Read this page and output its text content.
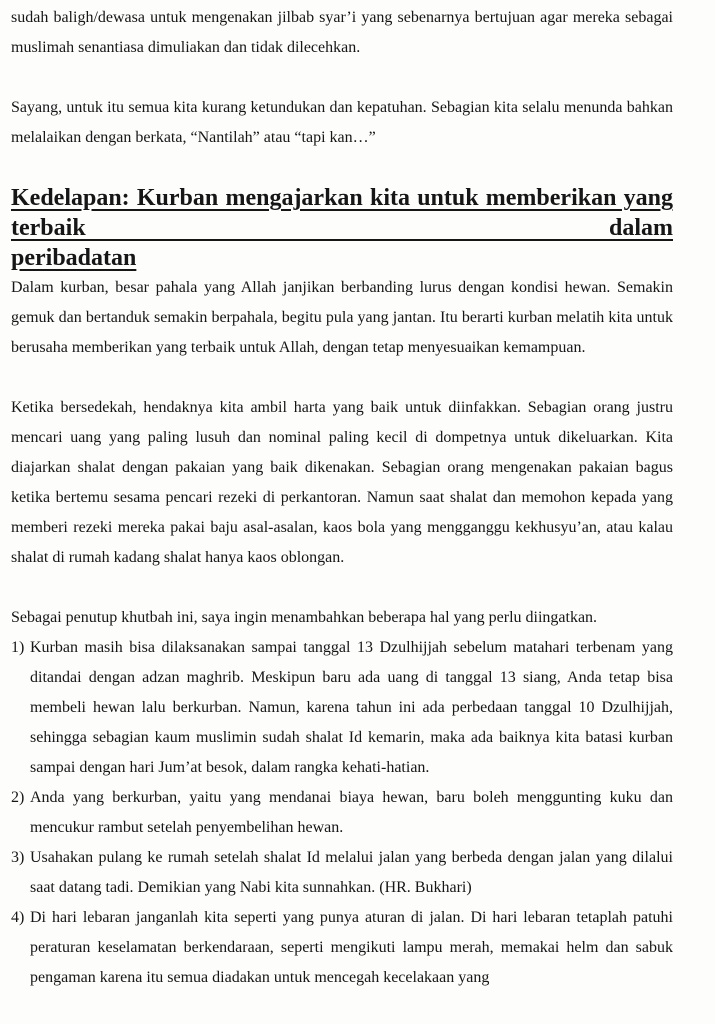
sudah baligh/dewasa untuk mengenakan jilbab syar’i yang sebenarnya bertujuan agar mereka sebagai muslimah senantiasa dimuliakan dan tidak dilecehkan.

Sayang, untuk itu semua kita kurang ketundukan dan kepatuhan. Sebagian kita selalu menunda bahkan melalaikan dengan berkata, “Nantilah” atau “tapi kan…”

Kedelapan: Kurban mengajarkan kita untuk memberikan yang terbaik dalam
peribadatan

Dalam kurban, besar pahala yang Allah janjikan berbanding lurus dengan kondisi hewan. Semakin gemuk dan bertanduk semakin berpahala, begitu pula yang jantan. Itu berarti kurban melatih kita untuk berusaha memberikan yang terbaik untuk Allah, dengan tetap menyesuaikan kemampuan.

Ketika bersedekah, hendaknya kita ambil harta yang baik untuk diinfakkan. Sebagian orang justru mencari uang yang paling lusuh dan nominal paling kecil di dompetnya untuk dikeluarkan. Kita diajarkan shalat dengan pakaian yang baik dikenakan. Sebagian orang mengenakan pakaian bagus ketika bertemu sesama pencari rezeki di perkantoran. Namun saat shalat dan memohon kepada yang memberi rezeki mereka pakai baju asal-asalan, kaos bola yang mengganggu kekhusyu’an, atau kalau shalat di rumah kadang shalat hanya kaos oblongan.

Sebagai penutup khutbah ini, saya ingin menambahkan beberapa hal yang perlu diingatkan.

1) Kurban masih bisa dilaksanakan sampai tanggal 13 Dzulhijjah sebelum matahari terbenam yang ditandai dengan adzan maghrib. Meskipun baru ada uang di tanggal 13 siang, Anda tetap bisa membeli hewan lalu berkurban. Namun, karena tahun ini ada perbedaan tanggal 10 Dzulhijjah, sehingga sebagian kaum muslimin sudah shalat Id kemarin, maka ada baiknya kita batasi kurban sampai dengan hari Jum’at besok, dalam rangka kehati-hatian.
2) Anda yang berkurban, yaitu yang mendanai biaya hewan, baru boleh menggunting kuku dan mencukur rambut setelah penyembelihan hewan.
3) Usahakan pulang ke rumah setelah shalat Id melalui jalan yang berbeda dengan jalan yang dilalui saat datang tadi. Demikian yang Nabi kita sunnahkan. (HR. Bukhari)
4) Di hari lebaran janganlah kita seperti yang punya aturan di jalan. Di hari lebaran tetaplah patuhi peraturan keselamatan berkendaraan, seperti mengikuti lampu merah, memakai helm dan sabuk pengaman karena itu semua diadakan untuk mencegah kecelakaan yang
